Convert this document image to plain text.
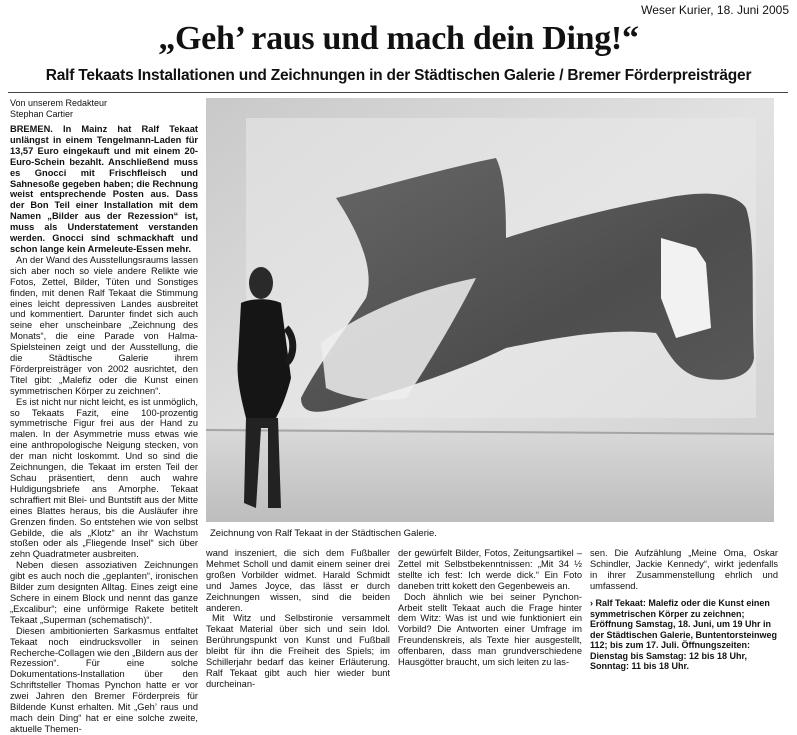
Weser Kurier, 18. Juni 2005
„Geh’ raus und mach dein Ding!“
Ralf Tekaats Installationen und Zeichnungen in der Städtischen Galerie / Bremer Förderpreisträger
Von unserem Redakteur
Stephan Cartier
BREMEN. In Mainz hat Ralf Tekaat unlängst in einem Tengelmann-Laden für 13,57 Euro eingekauft und mit einem 20-Euro-Schein bezahlt. Anschließend muss es Gnocci mit Frischfleisch und Sahnesoße gegeben haben; die Rechnung weist entsprechende Posten aus. Dass der Bon Teil einer Installation mit dem Namen „Bilder aus der Rezession“ ist, muss als Understatement verstanden werden. Gnocci sind schmackhaft und schon lange kein Armeleute-Essen mehr.

An der Wand des Ausstellungsraums lassen sich aber noch so viele andere Relikte wie Fotos, Zettel, Bilder, Tüten und Sonstiges finden, mit denen Ralf Tekaat die Stimmung eines leicht depressiven Landes ausbreitet und kommentiert. Darunter findet sich auch seine eher unscheinbare „Zeichnung des Monats“, die eine Parade von Halma-Spielsteinen zeigt und der Ausstellung, die die Städtische Galerie ihrem Förderpreisträger von 2002 ausrichtet, den Titel gibt: „Malefiz oder die Kunst einen symmetrischen Körper zu zeichnen“.

Es ist nicht nur nicht leicht, es ist unmöglich, so Tekaats Fazit, eine 100-prozentig symmetrische Figur frei aus der Hand zu malen. In der Asymmetrie muss etwas wie eine anthropologische Neigung stecken, von der man nicht loskommt. Und so sind die Zeichnungen, die Tekaat im ersten Teil der Schau präsentiert, denn auch wahre Huldigungsbriefe ans Amorphe. Tekaat schraffiert mit Blei- und Buntstift aus der Mitte eines Blattes heraus, bis die Ausläufer ihre Grenzen finden. So entstehen wie von selbst Gebilde, die als „Klotz“ an ihr Wachstum stoßen oder als „Fliegende Insel“ sich über zehn Quadratmeter ausbreiten.

Neben diesen assoziativen Zeichnungen gibt es auch noch die „geplanten“, ironischen Bilder zum designten Alltag. Eines zeigt eine Schere in einem Block und nennt das ganze „Excalibur“; eine unförmige Rakete betitelt Tekaat „Superman (schematisch)“.

Diesen ambitionierten Sarkasmus entfaltet Tekaat noch eindrucksvoller in seinen Recherche-Collagen wie den „Bildern aus der Rezession“. Für eine solche Dokumentations-Installation über den Schriftsteller Thomas Pynchon hatte er vor zwei Jahren den Bremer Förderpreis für Bildende Kunst erhalten. Mit „Geh’ raus und mach dein Ding“ hat er eine solche zweite, aktuelle Themen-

Zeichnung von Ralf Tekaat in der Städtischen Galerie.

wand inszeniert, die sich dem Fußballer Mehmet Scholl und damit einem seiner drei großen Vorbilder widmet. Harald Schmidt und James Joyce, das lässt er durch Zeichnungen wissen, sind die beiden anderen.

Mit Witz und Selbstironie versammelt Tekaat Material über sich und sein Idol. Berührungspunkt von Kunst und Fußball bleibt für ihn die Freiheit des Spiels; im Schillerjahr bedarf das keiner Erläuterung. Ralf Tekaat gibt auch hier wieder bunt durcheinan-

der gewürfelt Bilder, Fotos, Zeitungsartikel – Zettel mit Selbstbekenntnissen: „Mit 34 ½ stellte ich fest: Ich werde dick.“ Ein Foto daneben tritt kokett den Gegenbeweis an.

Doch ähnlich wie bei seiner Pynchon-Arbeit stellt Tekaat auch die Frage hinter dem Witz: Was ist und wie funktioniert ein Vorbild? Die Antworten einer Umfrage im Freundenskreis, als Texte hier ausgestellt, offenbaren, dass man grundverschiedene Hausgötter braucht, um sich leiten zu las-

sen. Die Aufzählung „Meine Oma, Oskar Schindler, Jackie Kennedy“, wirkt jedenfalls in ihrer Zusammenstellung ehrlich und umfassend.

› Ralf Tekaat: Malefiz oder die Kunst einen symmetrischen Körper zu zeichnen; Eröffnung Samstag, 18. Juni, um 19 Uhr in der Städtischen Galerie, Buntentorsteinweg 112; bis zum 17. Juli. Öffnungszeiten: Dienstag bis Samstag: 12 bis 18 Uhr, Sonntag: 11 bis 18 Uhr.
